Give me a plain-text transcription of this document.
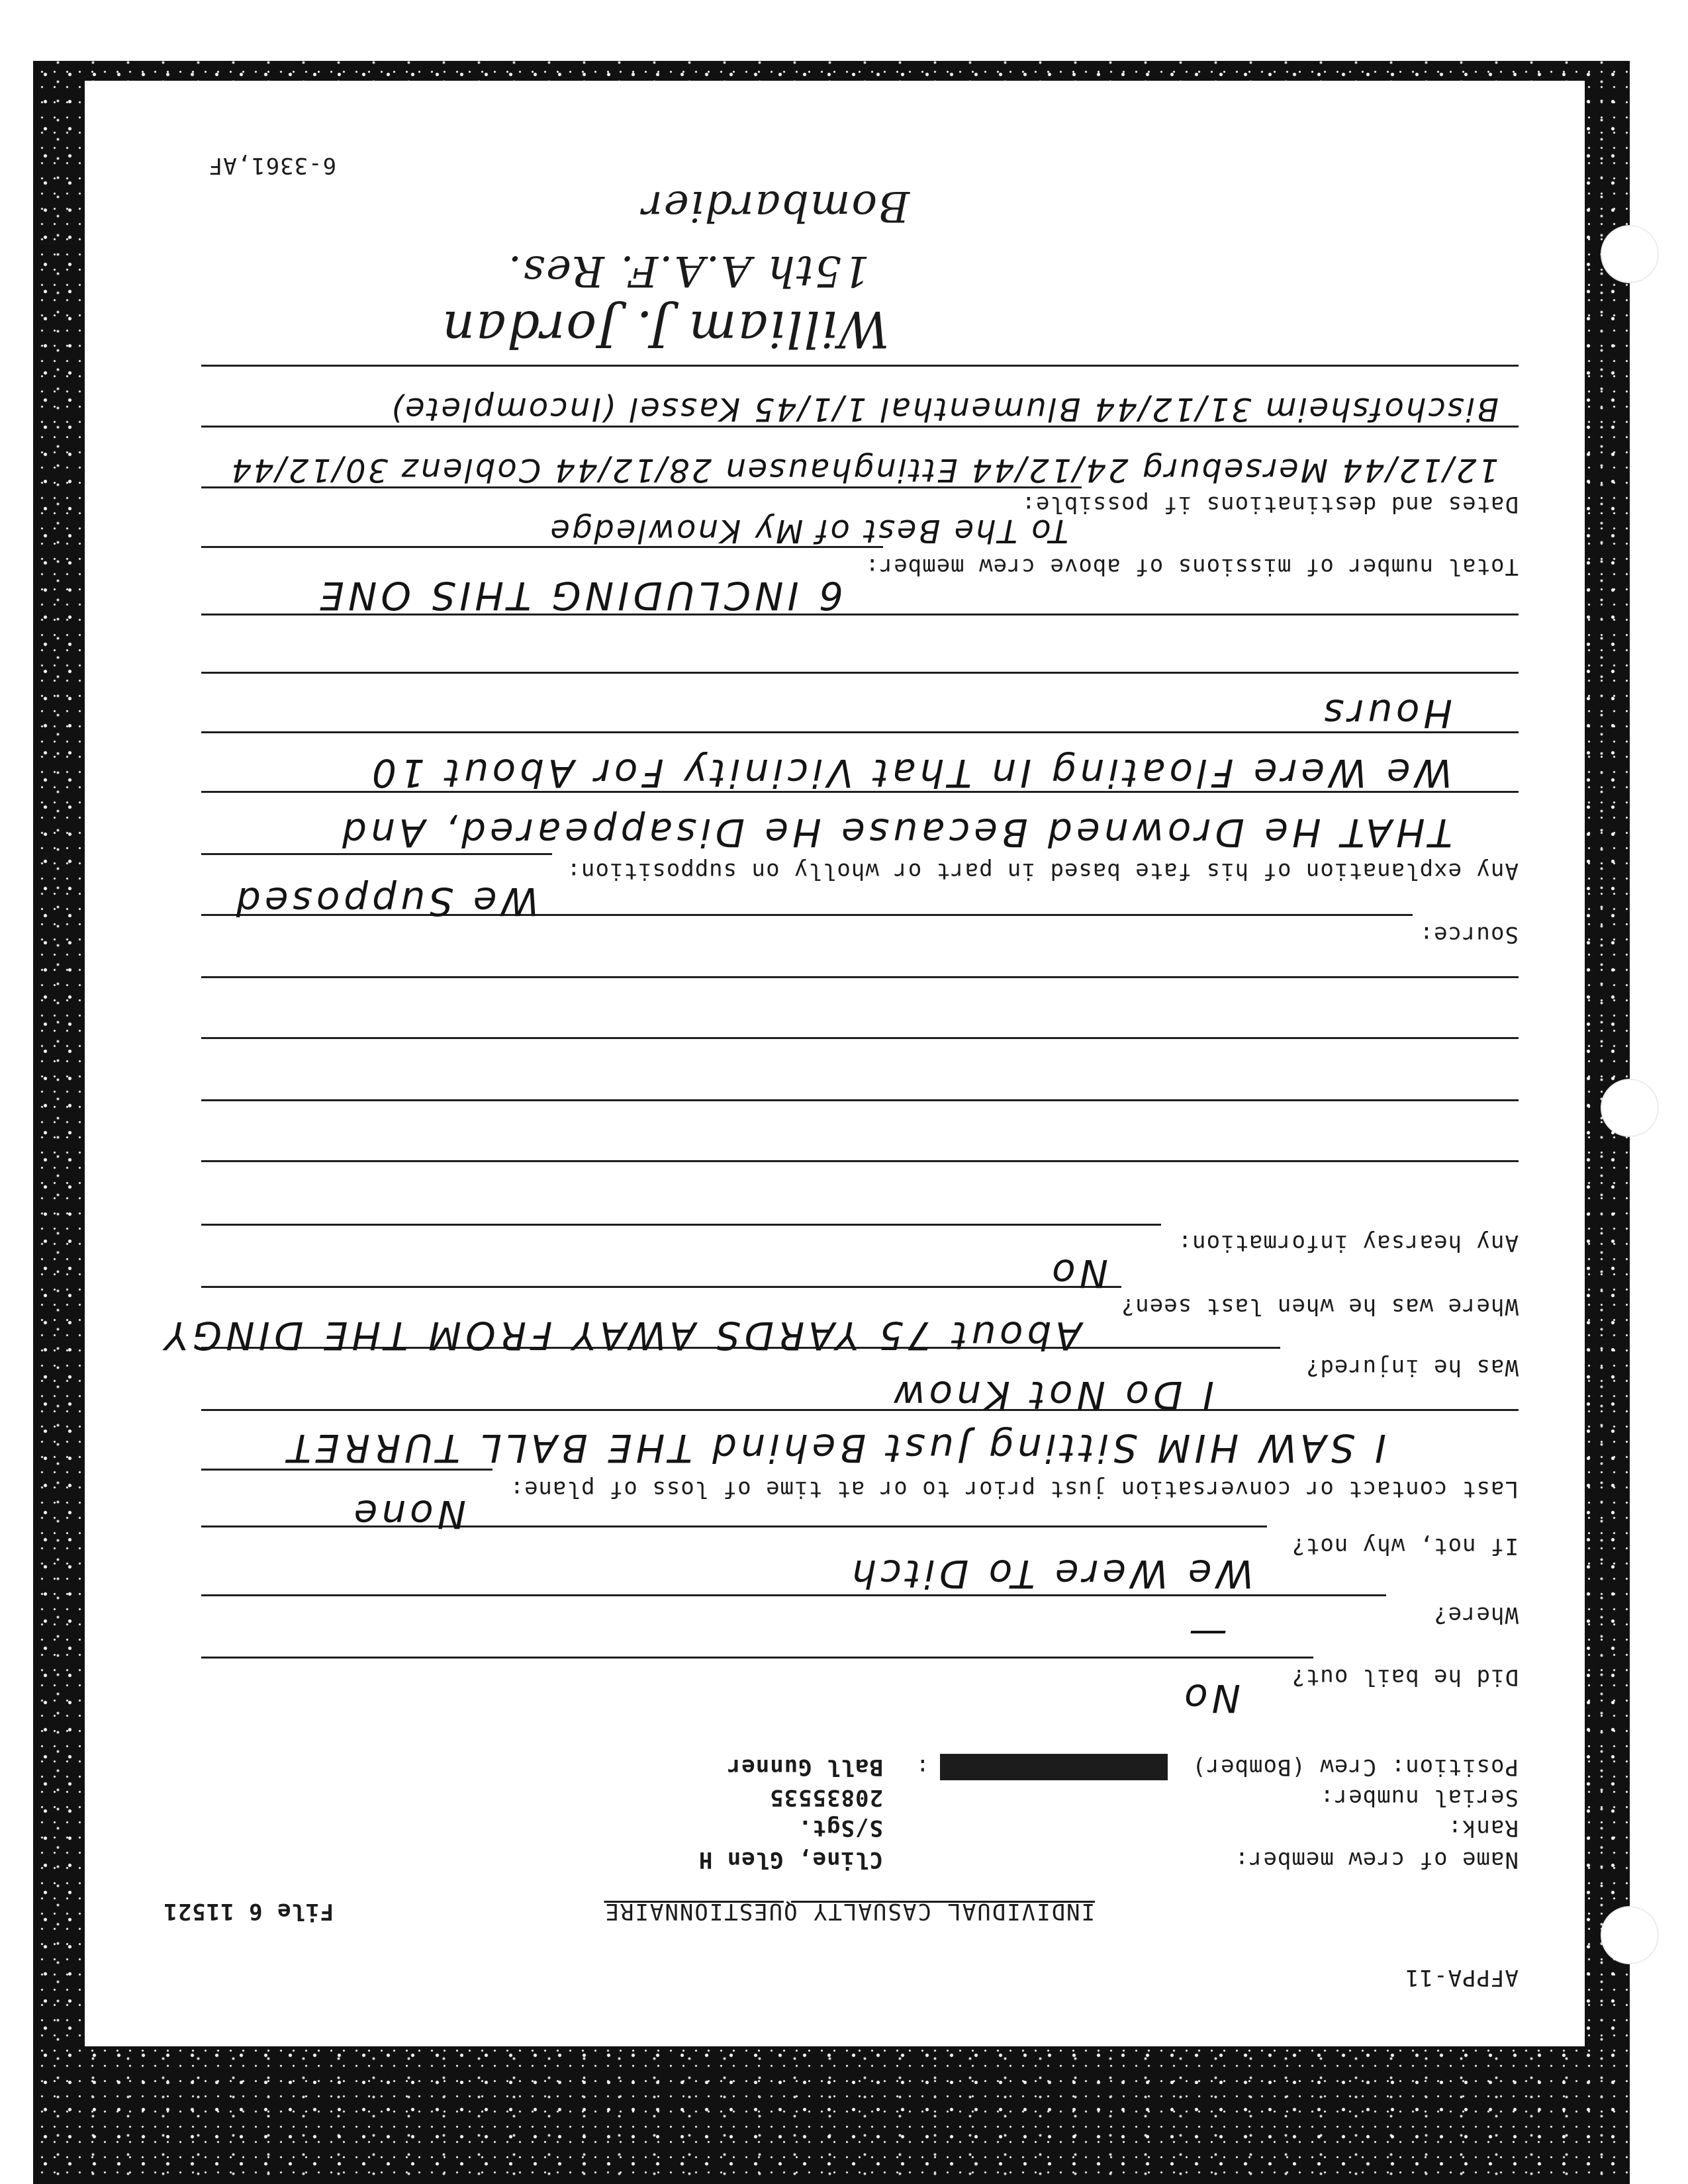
AFPPA-11
INDIVIDUAL CASUALTY QUESTIONNAIRE
File 6 11521
Name of crew member:
Cline, Glen H
Rank:
S/Sgt.
Serial number:
20835535
Position: Crew (Bomber)
XXXXXXXXXXXXXXXX
:
Ball Gunner
Did he bail out?
No
Where?
—
If not, why not?
We Were To Ditch
Last contact or conversation just prior to or at time of loss of plane:
None
I SAW HIM Sitting Just Behind THE BALL TURRET
Was he injured?
I Do Not Know
Where was he when last seen?
About 75 YARDS AWAY FROM THE DINGY
Any hearsay information:
No
Source:
Any explanation of his fate based in part or wholly on supposition:
We Supposed
THAT He Drowned Because He Disappeared, And
We Were Floating In That Vicinity For About 10
Hours
Total number of missions of above crew member:
6 INCLUDING THIS ONE
Dates and destinations if possible:
To The Best of My Knowledge
12/12/44 Merseburg 24/12/44 Ettinghausen 28/12/44 Coblenz 30/12/44
Bischofsheim 31/12/44 Blumenthal 1/1/45 Kassel (Incomplete)
William J. Jordan
15th A.A.F. Res.
Bombardier
6-3361,AF
